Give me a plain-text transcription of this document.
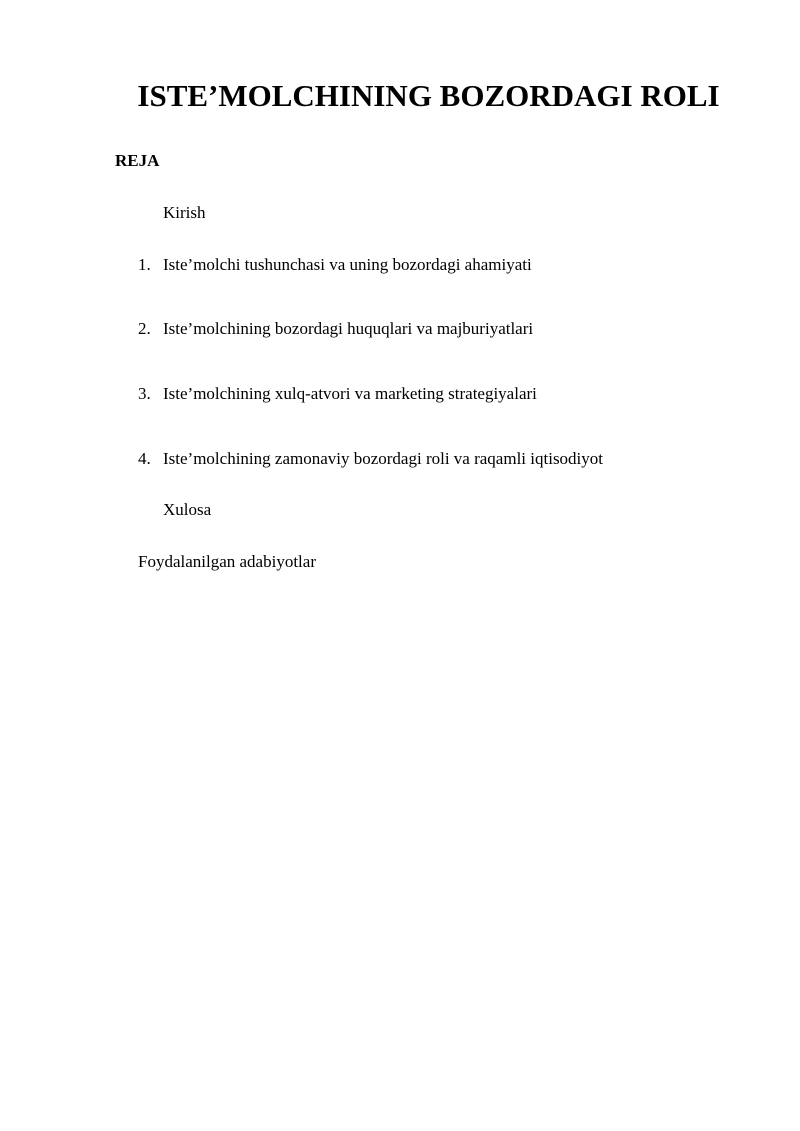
ISTE’MOLCHINING BOZORDAGI ROLI
REJA
Kirish
1. Iste’molchi tushunchasi va uning bozordagi ahamiyati
2. Iste’molchining bozordagi huquqlari va majburiyatlari
3. Iste’molchining xulq-atvori va marketing strategiyalari
4. Iste’molchining zamonaviy bozordagi roli va raqamli iqtisodiyot
Xulosa
Foydalanilgan adabiyotlar
